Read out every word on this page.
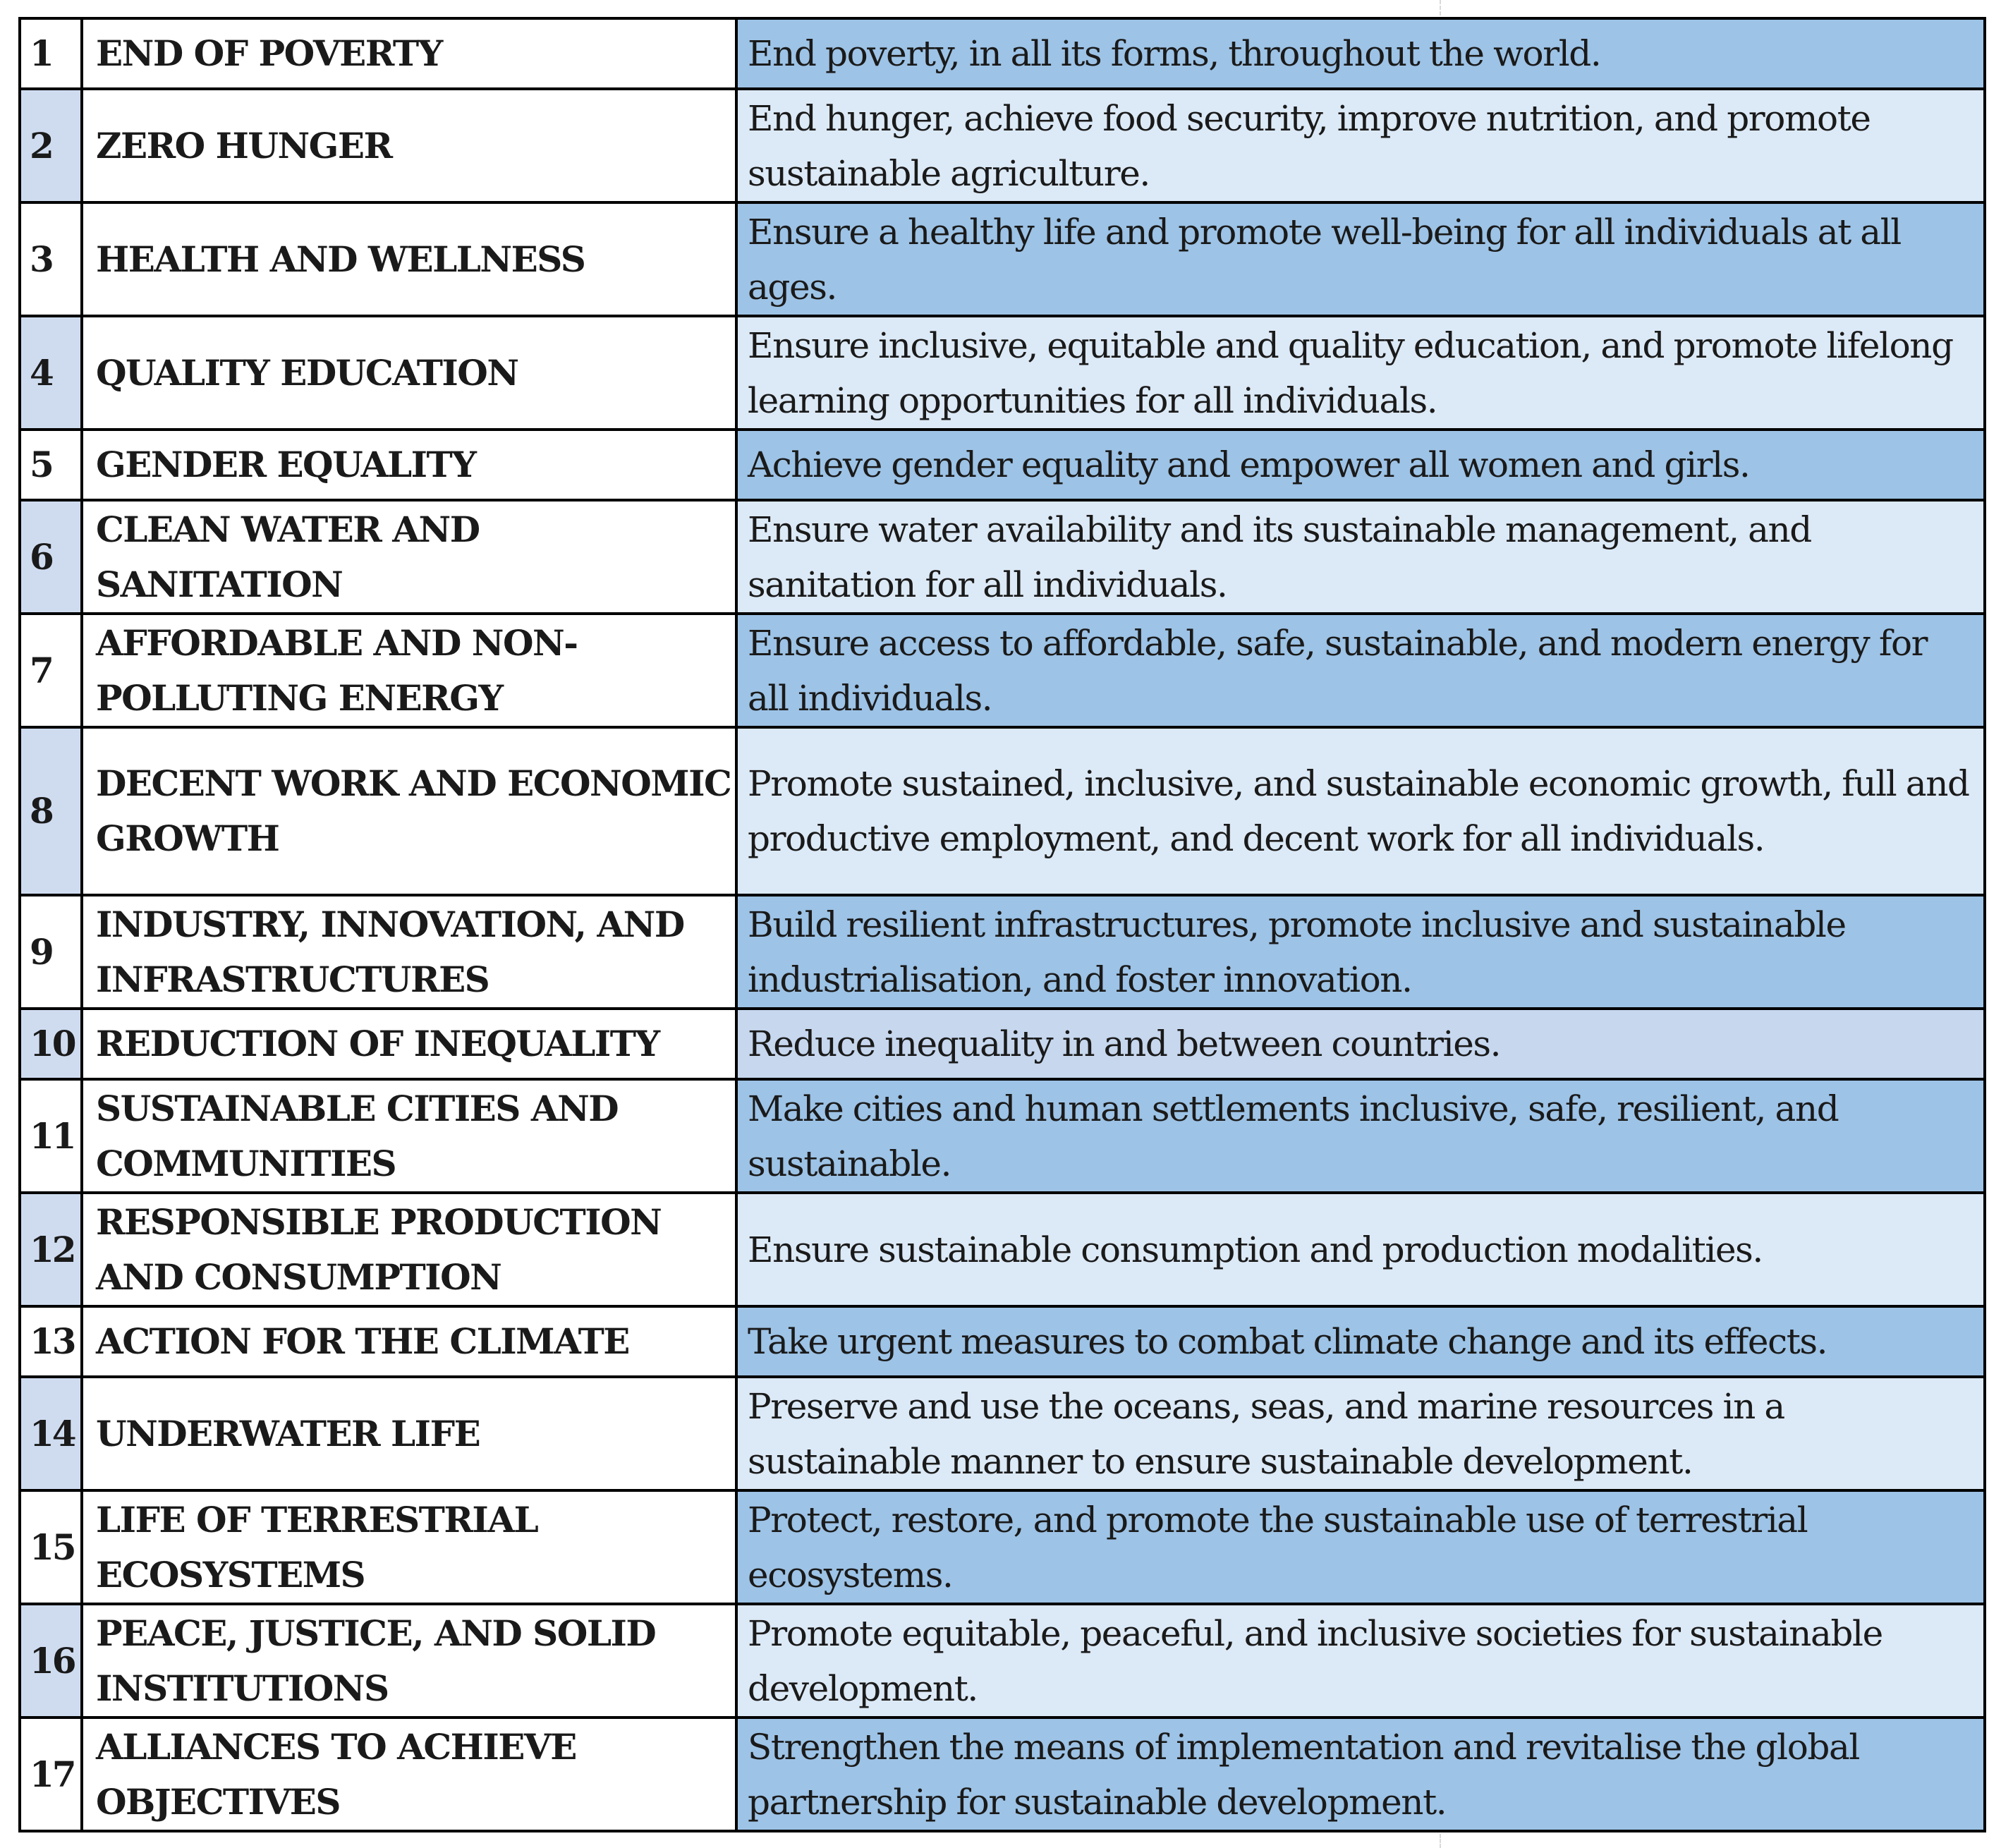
1	END OF POVERTY	End poverty, in all its forms, throughout the world.
2	ZERO HUNGER	End hunger, achieve food security, improve nutrition, and promote sustainable agriculture.
3	HEALTH AND WELLNESS	Ensure a healthy life and promote well-being for all individuals at all ages.
4	QUALITY EDUCATION	Ensure inclusive, equitable and quality education, and promote lifelong learning opportunities for all individuals.
5	GENDER EQUALITY	Achieve gender equality and empower all women and girls.
6	CLEAN WATER AND SANITATION	Ensure water availability and its sustainable management, and sanitation for all individuals.
7	AFFORDABLE AND NON-POLLUTING ENERGY	Ensure access to affordable, safe, sustainable, and modern energy for all individuals.
8	DECENT WORK AND ECONOMIC GROWTH	Promote sustained, inclusive, and sustainable economic growth, full and productive employment, and decent work for all individuals.
9	INDUSTRY, INNOVATION, AND INFRASTRUCTURES	Build resilient infrastructures, promote inclusive and sustainable industrialisation, and foster innovation.
10	REDUCTION OF INEQUALITY	Reduce inequality in and between countries.
11	SUSTAINABLE CITIES AND COMMUNITIES	Make cities and human settlements inclusive, safe, resilient, and sustainable.
12	RESPONSIBLE PRODUCTION AND CONSUMPTION	Ensure sustainable consumption and production modalities.
13	ACTION FOR THE CLIMATE	Take urgent measures to combat climate change and its effects.
14	UNDERWATER LIFE	Preserve and use the oceans, seas, and marine resources in a sustainable manner to ensure sustainable development.
15	LIFE OF TERRESTRIAL ECOSYSTEMS	Protect, restore, and promote the sustainable use of terrestrial ecosystems.
16	PEACE, JUSTICE, AND SOLID INSTITUTIONS	Promote equitable, peaceful, and inclusive societies for sustainable development.
17	ALLIANCES TO ACHIEVE OBJECTIVES	Strengthen the means of implementation and revitalise the global partnership for sustainable development.
